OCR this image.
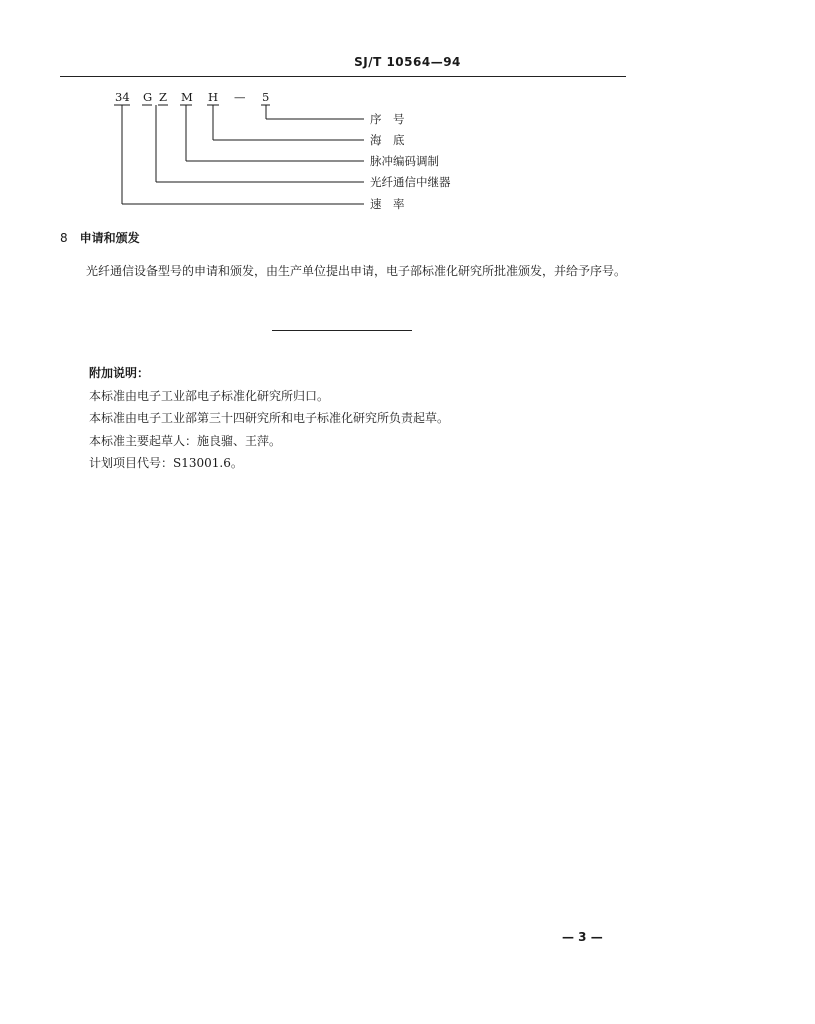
SJ/T 10564—94
34 G Z M H — 5
序　号
海　底
脉冲编码调制
光纤通信中继器
速　率
8 申请和颁发
光纤通信设备型号的申请和颁发，由生产单位提出申请，电子部标准化研究所批准颁发，并给予序号。
附加说明：
本标准由电子工业部电子标准化研究所归口。
本标准由电子工业部第三十四研究所和电子标准化研究所负责起草。
本标准主要起草人：施良骝、王萍。
计划项目代号：S13001.6。
— 3 —
